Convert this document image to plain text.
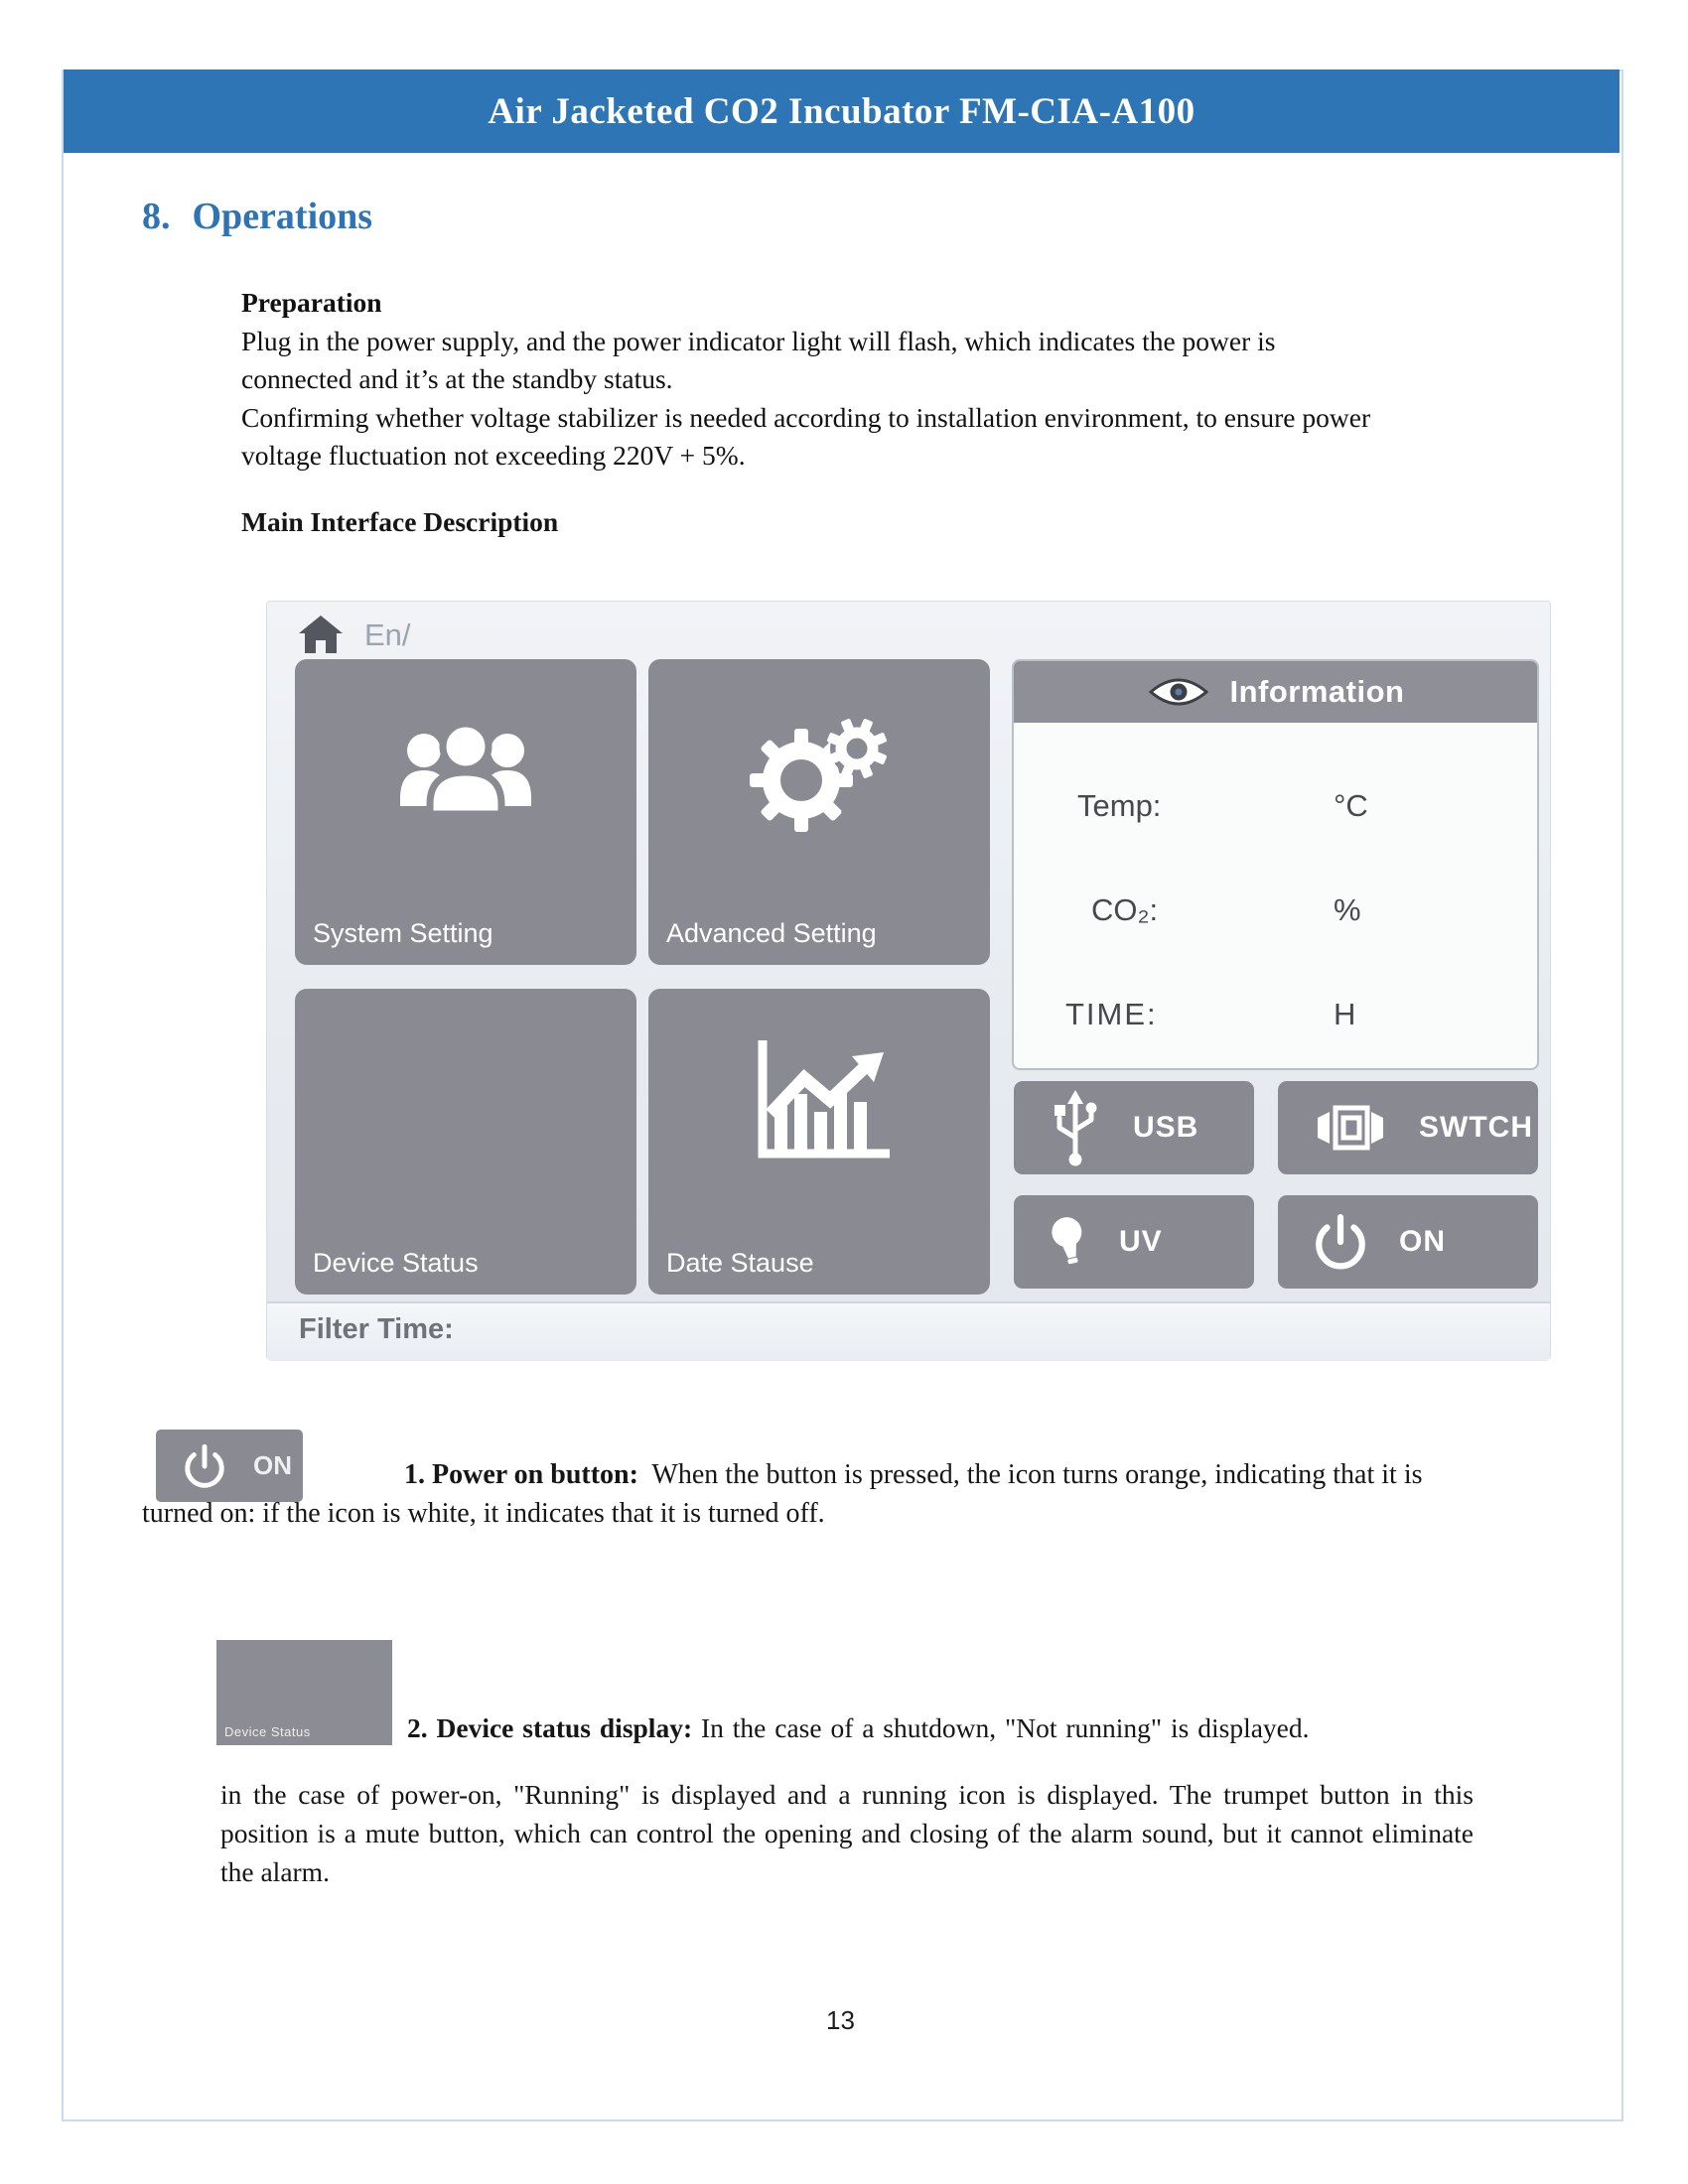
Air Jacketed CO2 Incubator FM-CIA-A100
8. Operations

Preparation

Plug in the power supply, and the power indicator light will flash, which indicates the power is connected and it’s at the standby status.

Confirming whether voltage stabilizer is needed according to installation environment, to ensure power voltage fluctuation not exceeding 220V + 5%.

Main Interface Description
En/
System Setting	Advanced Setting
Device Status	Date Stause
Information
Temp:	°C
CO₂:	%
TIME:	H
USB	SWTCH
UV	ON
Filter Time:
ON	1. Power on button:  When the button is pressed, the icon turns orange, indicating that it is turned on: if the icon is white, it indicates that it is turned off.

Device Status	2. Device status display: In the case of a shutdown, "Not running" is displayed.

in the case of power-on, "Running" is displayed and a running icon is displayed. The trumpet button in this position is a mute button, which can control the opening and closing of the alarm sound, but it cannot eliminate the alarm.

13
